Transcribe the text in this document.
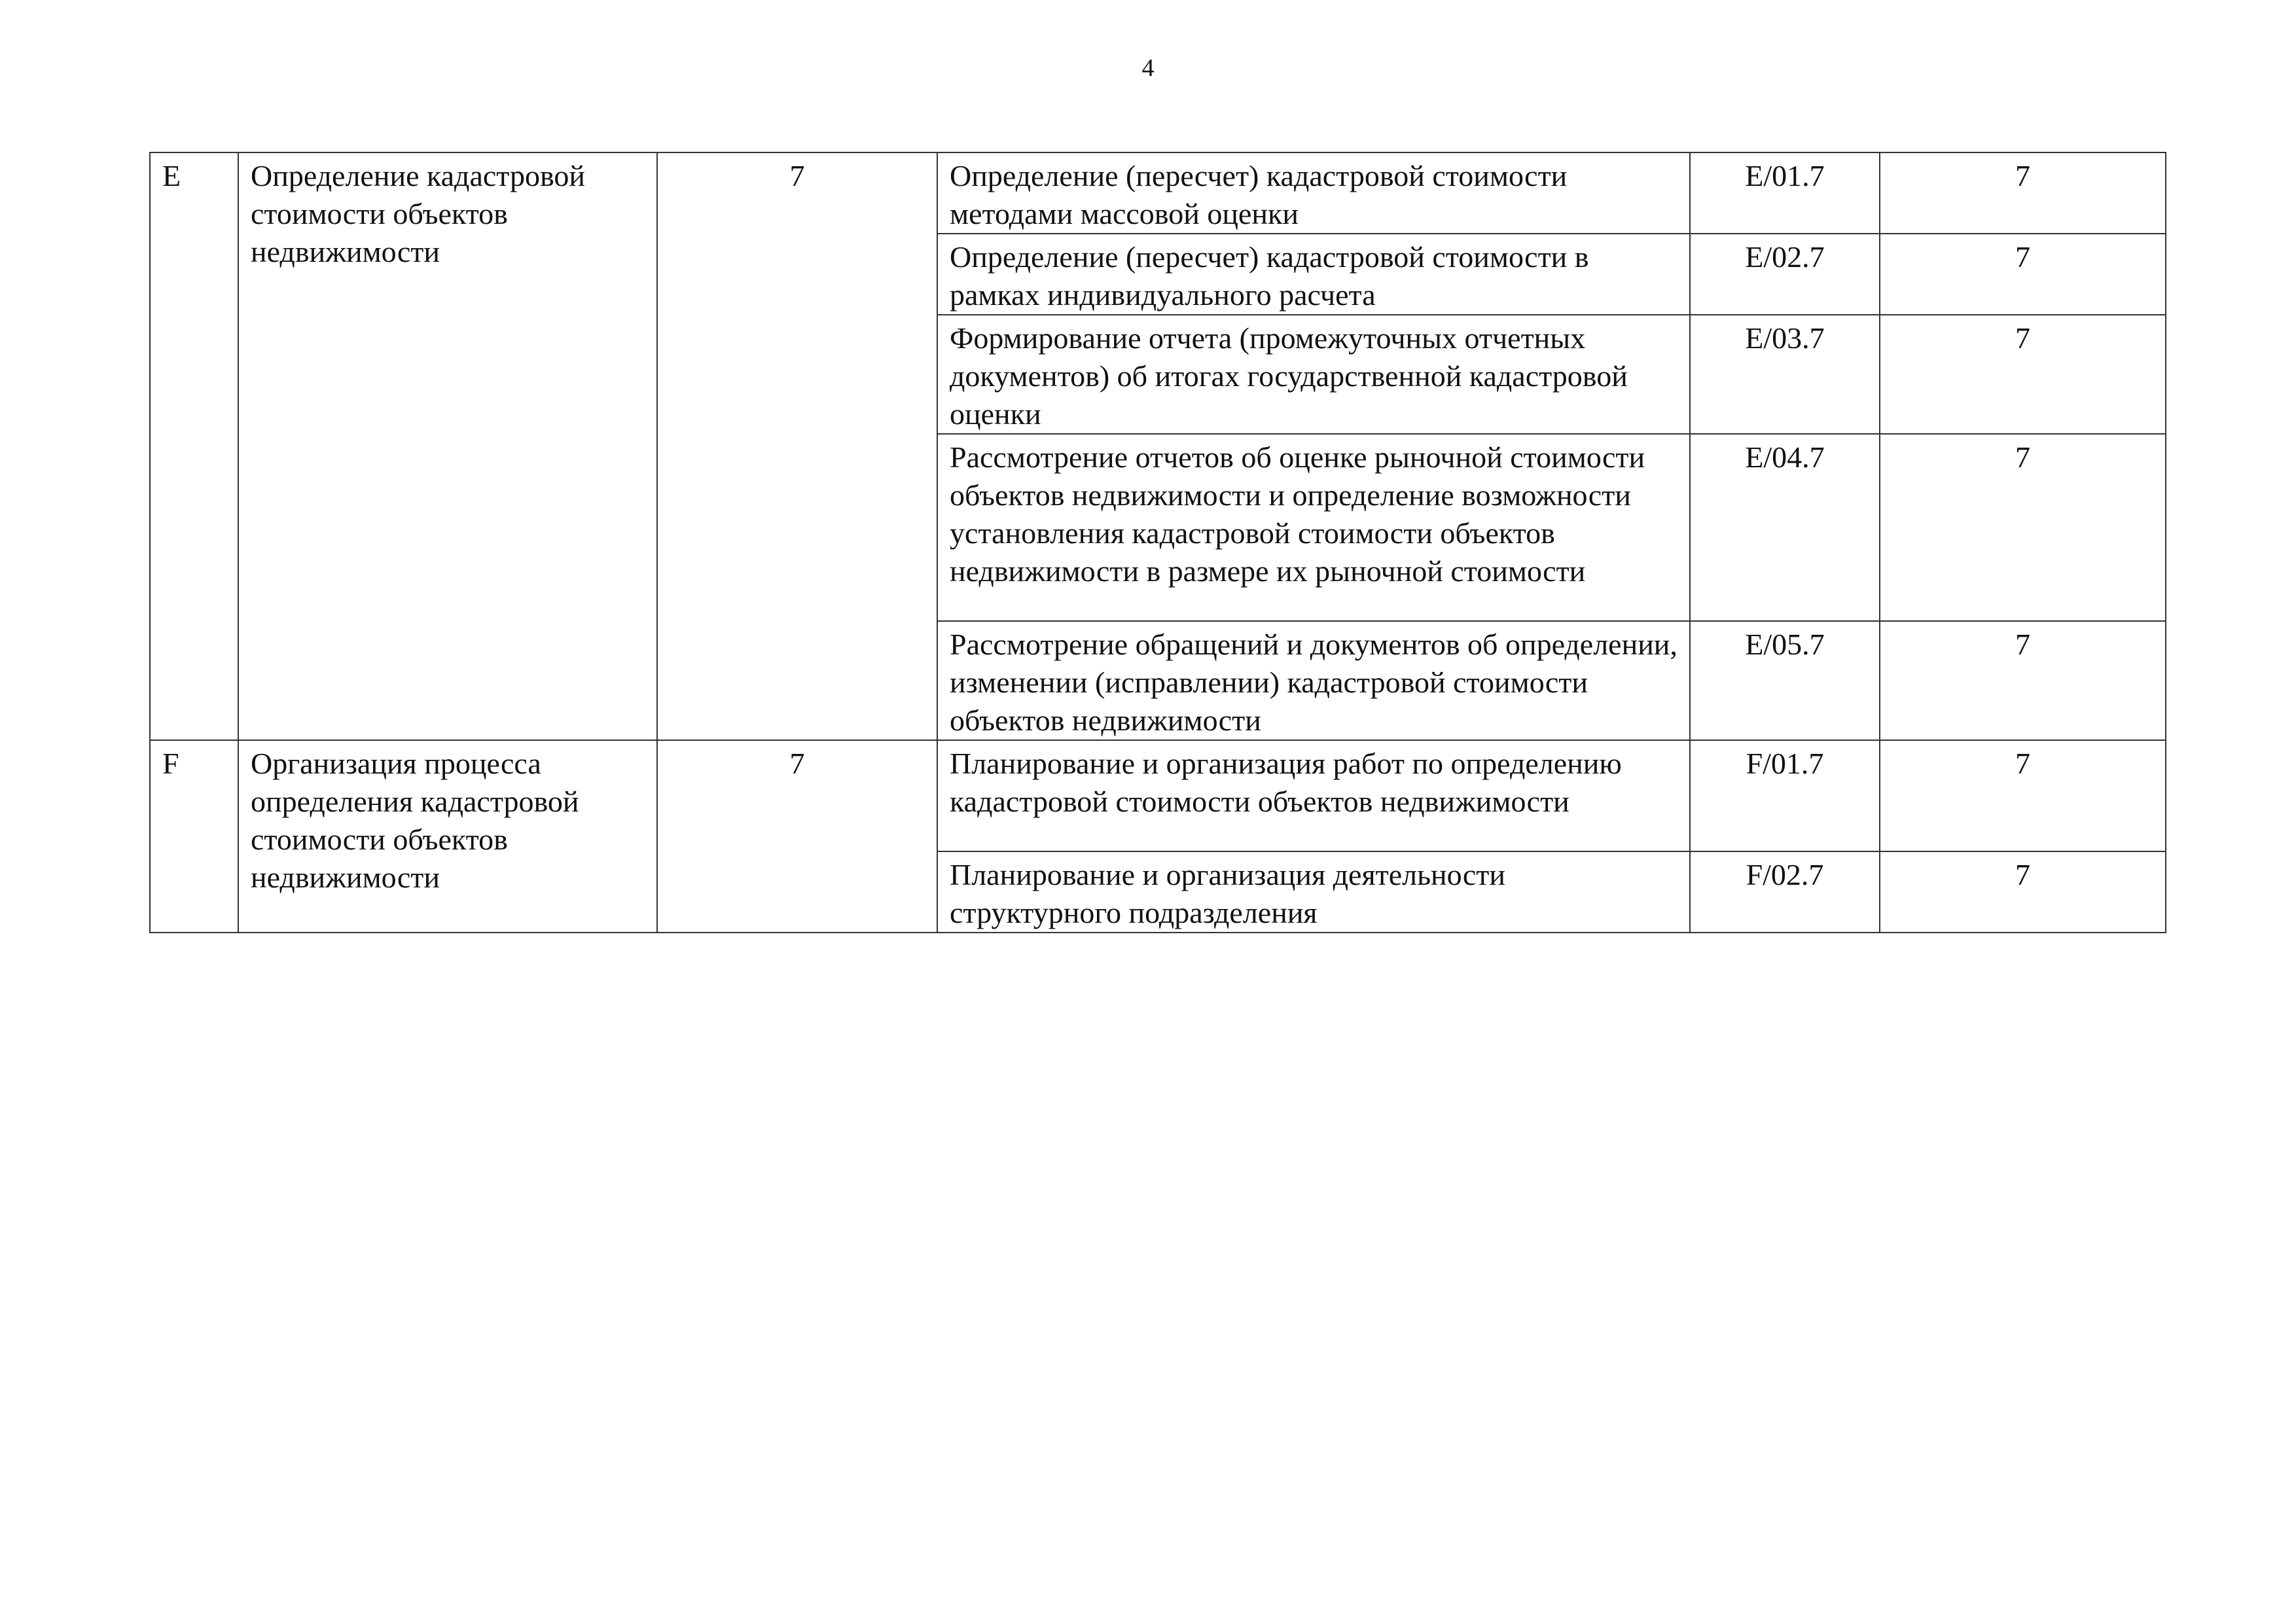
4
E	Определение кадастровой стоимости объектов недвижимости	7	Определение (пересчет) кадастровой стоимости методами массовой оценки	E/01.7	7
			Определение (пересчет) кадастровой стоимости в рамках индивидуального расчета	E/02.7	7
			Формирование отчета (промежуточных отчетных документов) об итогах государственной кадастровой оценки	E/03.7	7
			Рассмотрение отчетов об оценке рыночной стоимости объектов недвижимости и определение возможности установления кадастровой стоимости объектов недвижимости в размере их рыночной стоимости	E/04.7	7
			Рассмотрение обращений и документов об определении, изменении (исправлении) кадастровой стоимости объектов недвижимости	E/05.7	7
F	Организация процесса определения кадастровой стоимости объектов недвижимости	7	Планирование и организация работ по определению кадастровой стоимости объектов недвижимости	F/01.7	7
			Планирование и организация деятельности структурного подразделения	F/02.7	7
